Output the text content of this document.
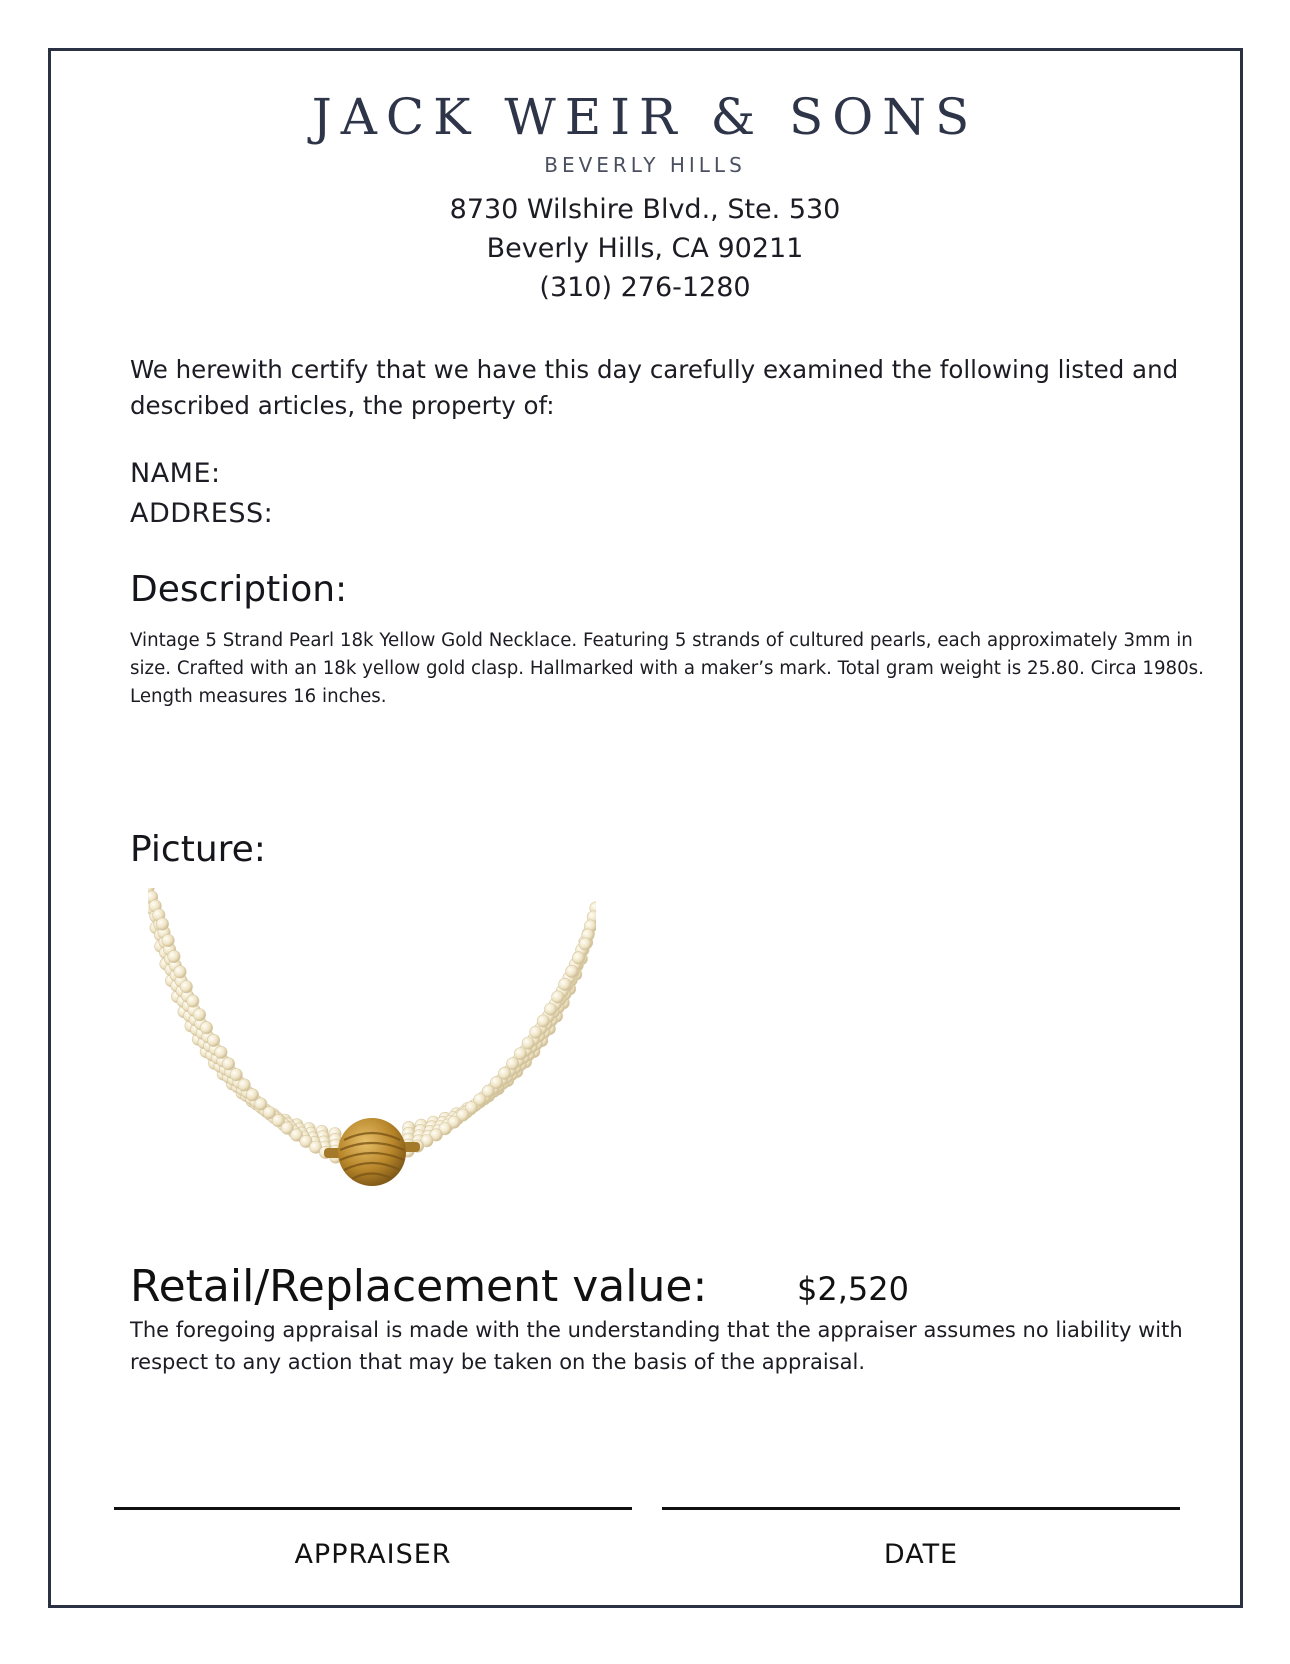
JACK WEIR & SONS
BEVERLY HILLS
8730 Wilshire Blvd., Ste. 530
Beverly Hills, CA 90211
(310) 276-1280
We herewith certify that we have this day carefully examined the following listed and described articles, the property of:
NAME:
ADDRESS:
Description:
Vintage 5 Strand Pearl 18k Yellow Gold Necklace. Featuring 5 strands of cultured pearls, each approximately 3mm in size. Crafted with an 18k yellow gold clasp. Hallmarked with a maker’s mark. Total gram weight is 25.80. Circa 1980s. Length measures 16 inches.
Picture:
Retail/Replacement value:	$2,520
The foregoing appraisal is made with the understanding that the appraiser assumes no liability with respect to any action that may be taken on the basis of the appraisal.
APPRAISER	DATE
